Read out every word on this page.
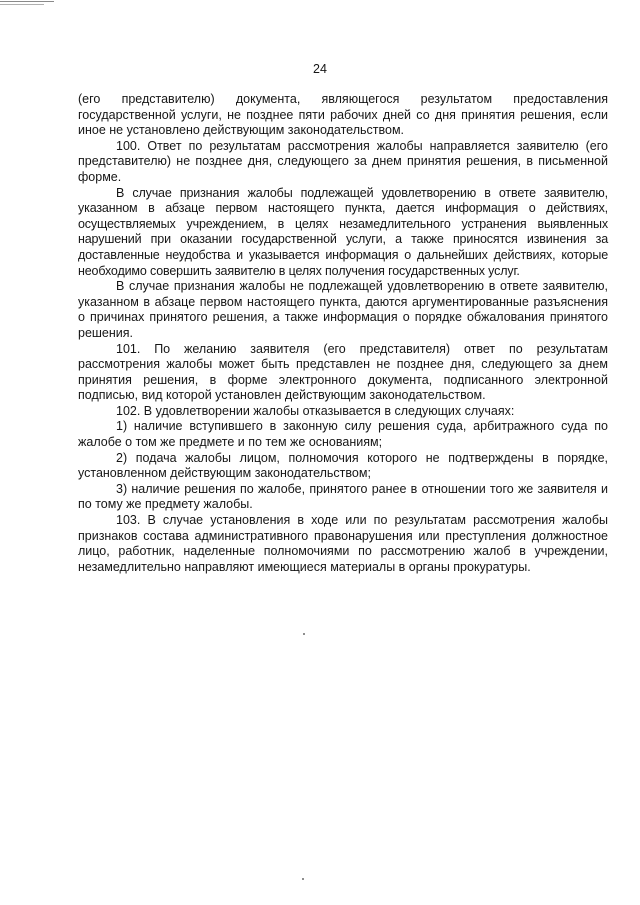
24

(его представителю) документа, являющегося результатом предоставления государственной услуги, не позднее пяти рабочих дней со дня принятия решения, если иное не установлено действующим законодательством.

100. Ответ по результатам рассмотрения жалобы направляется заявителю (его представителю) не позднее дня, следующего за днем принятия решения, в письменной форме.

В случае признания жалобы подлежащей удовлетворению в ответе заявителю, указанном в абзаце первом настоящего пункта, дается информация о действиях, осуществляемых учреждением, в целях незамедлительного устранения выявленных нарушений при оказании государственной услуги, а также приносятся извинения за доставленные неудобства и указывается информация о дальнейших действиях, которые необходимо совершить заявителю в целях получения государственных услуг.

В случае признания жалобы не подлежащей удовлетворению в ответе заявителю, указанном в абзаце первом настоящего пункта, даются аргументированные разъяснения о причинах принятого решения, а также информация о порядке обжалования принятого решения.

101. По желанию заявителя (его представителя) ответ по результатам рассмотрения жалобы может быть представлен не позднее дня, следующего за днем принятия решения, в форме электронного документа, подписанного электронной подписью, вид которой установлен действующим законодательством.

102. В удовлетворении жалобы отказывается в следующих случаях:

1) наличие вступившего в законную силу решения суда, арбитражного суда по жалобе о том же предмете и по тем же основаниям;

2) подача жалобы лицом, полномочия которого не подтверждены в порядке, установленном действующим законодательством;

3) наличие решения по жалобе, принятого ранее в отношении того же заявителя и по тому же предмету жалобы.

103. В случае установления в ходе или по результатам рассмотрения жалобы признаков состава административного правонарушения или преступления должностное лицо, работник, наделенные полномочиями по рассмотрению жалоб в учреждении, незамедлительно направляют имеющиеся материалы в органы прокуратуры.
